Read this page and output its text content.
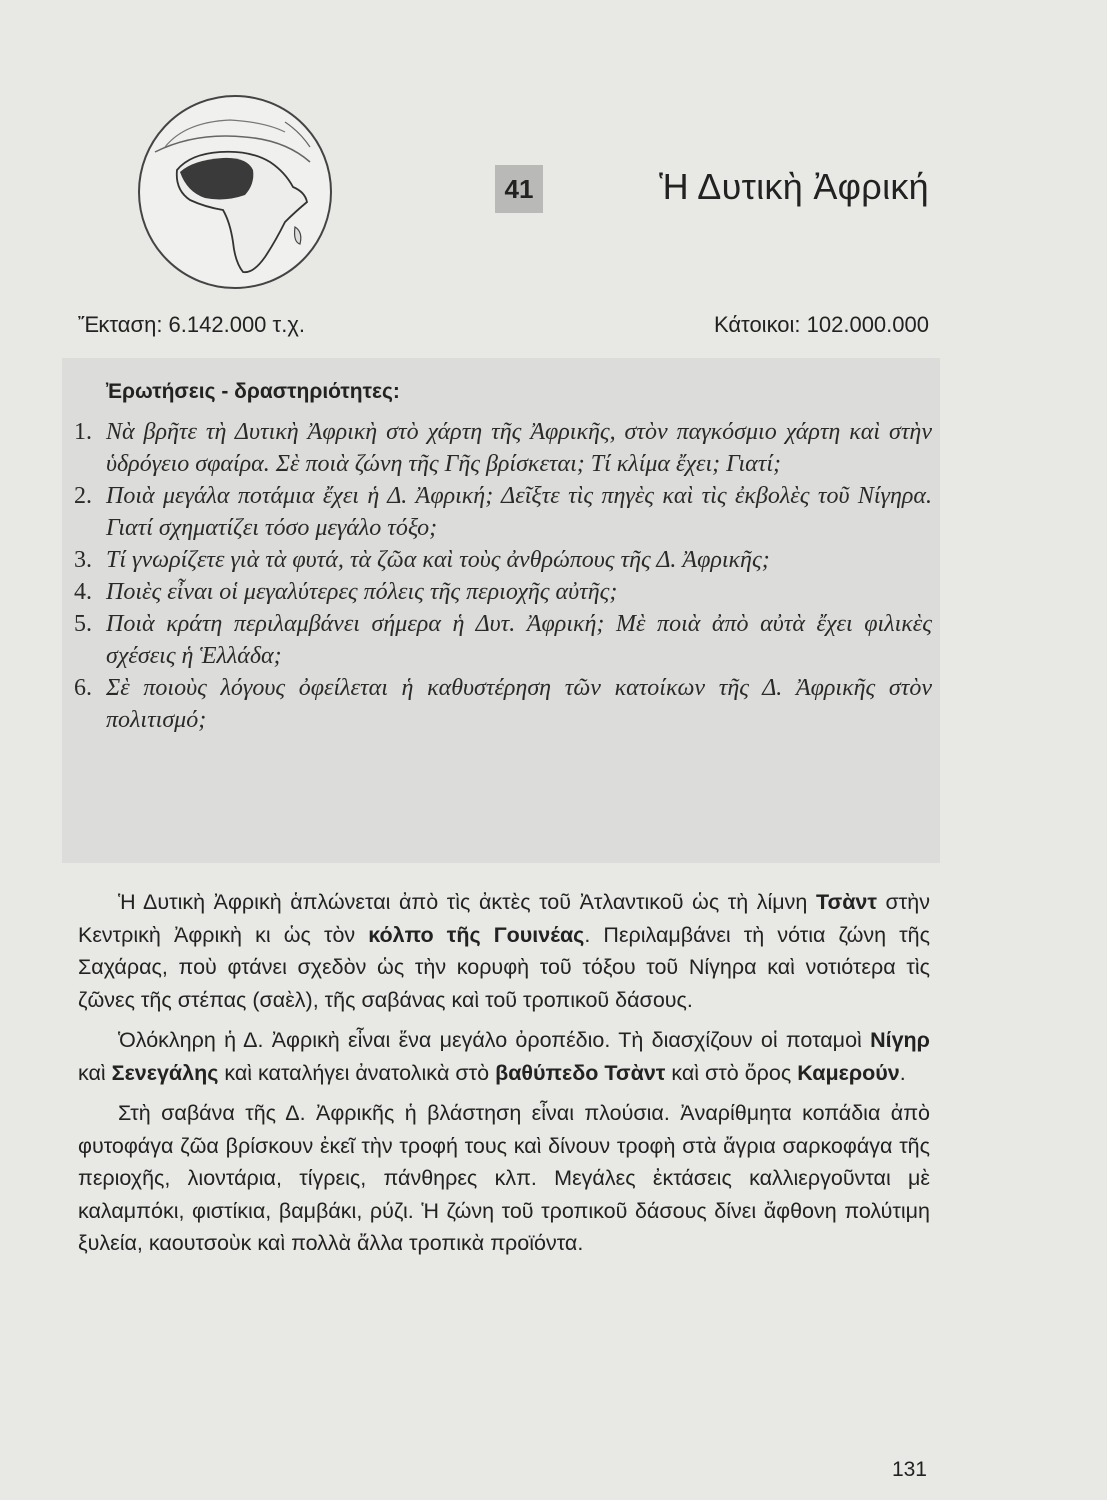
41	Ἡ Δυτικὴ Ἀφρική
Ἔκταση: 6.142.000 τ.χ.	Κάτοικοι: 102.000.000
Ἐρωτήσεις - δραστηριότητες:
1. Νὰ βρῆτε τὴ Δυτικὴ Ἀφρικὴ στὸ χάρτη τῆς Ἀφρικῆς, στὸν παγκόσμιο χάρτη καὶ στὴν ὑδρόγειο σφαίρα. Σὲ ποιὰ ζώνη τῆς Γῆς βρίσκεται; Τί κλίμα ἔχει; Γιατί;
2. Ποιὰ μεγάλα ποτάμια ἔχει ἡ Δ. Ἀφρική; Δεῖξτε τὶς πηγὲς καὶ τὶς ἐκβολὲς τοῦ Νίγηρα. Γιατί σχηματίζει τόσο μεγάλο τόξο;
3. Τί γνωρίζετε γιὰ τὰ φυτά, τὰ ζῶα καὶ τοὺς ἀνθρώπους τῆς Δ. Ἀφρικῆς;
4. Ποιὲς εἶναι οἱ μεγαλύτερες πόλεις τῆς περιοχῆς αὐτῆς;
5. Ποιὰ κράτη περιλαμβάνει σήμερα ἡ Δυτ. Ἀφρική; Μὲ ποιὰ ἀπὸ αὐτὰ ἔχει φιλικὲς σχέσεις ἡ Ἑλλάδα;
6. Σὲ ποιοὺς λόγους ὀφείλεται ἡ καθυστέρηση τῶν κατοίκων τῆς Δ. Ἀφρικῆς στὸν πολιτισμό;

Ἡ Δυτικὴ Ἀφρικὴ ἁπλώνεται ἀπὸ τὶς ἀκτὲς τοῦ Ἀτλαντικοῦ ὡς τὴ λίμνη Τσὰντ στὴν Κεντρικὴ Ἀφρικὴ κι ὡς τὸν κόλπο τῆς Γουινέας. Περιλαμβάνει τὴ νότια ζώνη τῆς Σαχάρας, ποὺ φτάνει σχεδὸν ὡς τὴν κορυφὴ τοῦ τόξου τοῦ Νίγηρα καὶ νοτιότερα τὶς ζῶνες τῆς στέπας (σαὲλ), τῆς σαβάνας καὶ τοῦ τροπικοῦ δάσους.

Ὁλόκληρη ἡ Δ. Ἀφρικὴ εἶναι ἕνα μεγάλο ὀροπέδιο. Τὴ διασχίζουν οἱ ποταμοὶ Νίγηρ καὶ Σενεγάλης καὶ καταλήγει ἀνατολικὰ στὸ βαθύπεδο Τσὰντ καὶ στὸ ὄρος Καμερούν.

Στὴ σαβάνα τῆς Δ. Ἀφρικῆς ἡ βλάστηση εἶναι πλούσια. Ἀναρίθμητα κοπάδια ἀπὸ φυτοφάγα ζῶα βρίσκουν ἐκεῖ τὴν τροφή τους καὶ δίνουν τροφὴ στὰ ἄγρια σαρκοφάγα τῆς περιοχῆς, λιοντάρια, τίγρεις, πάνθηρες κλπ. Μεγάλες ἐκτάσεις καλλιεργοῦνται μὲ καλαμπόκι, φιστίκια, βαμβάκι, ρύζι. Ἡ ζώνη τοῦ τροπικοῦ δάσους δίνει ἄφθονη πολύτιμη ξυλεία, καουτσοὺκ καὶ πολλὰ ἄλλα τροπικὰ προϊόντα.

131
